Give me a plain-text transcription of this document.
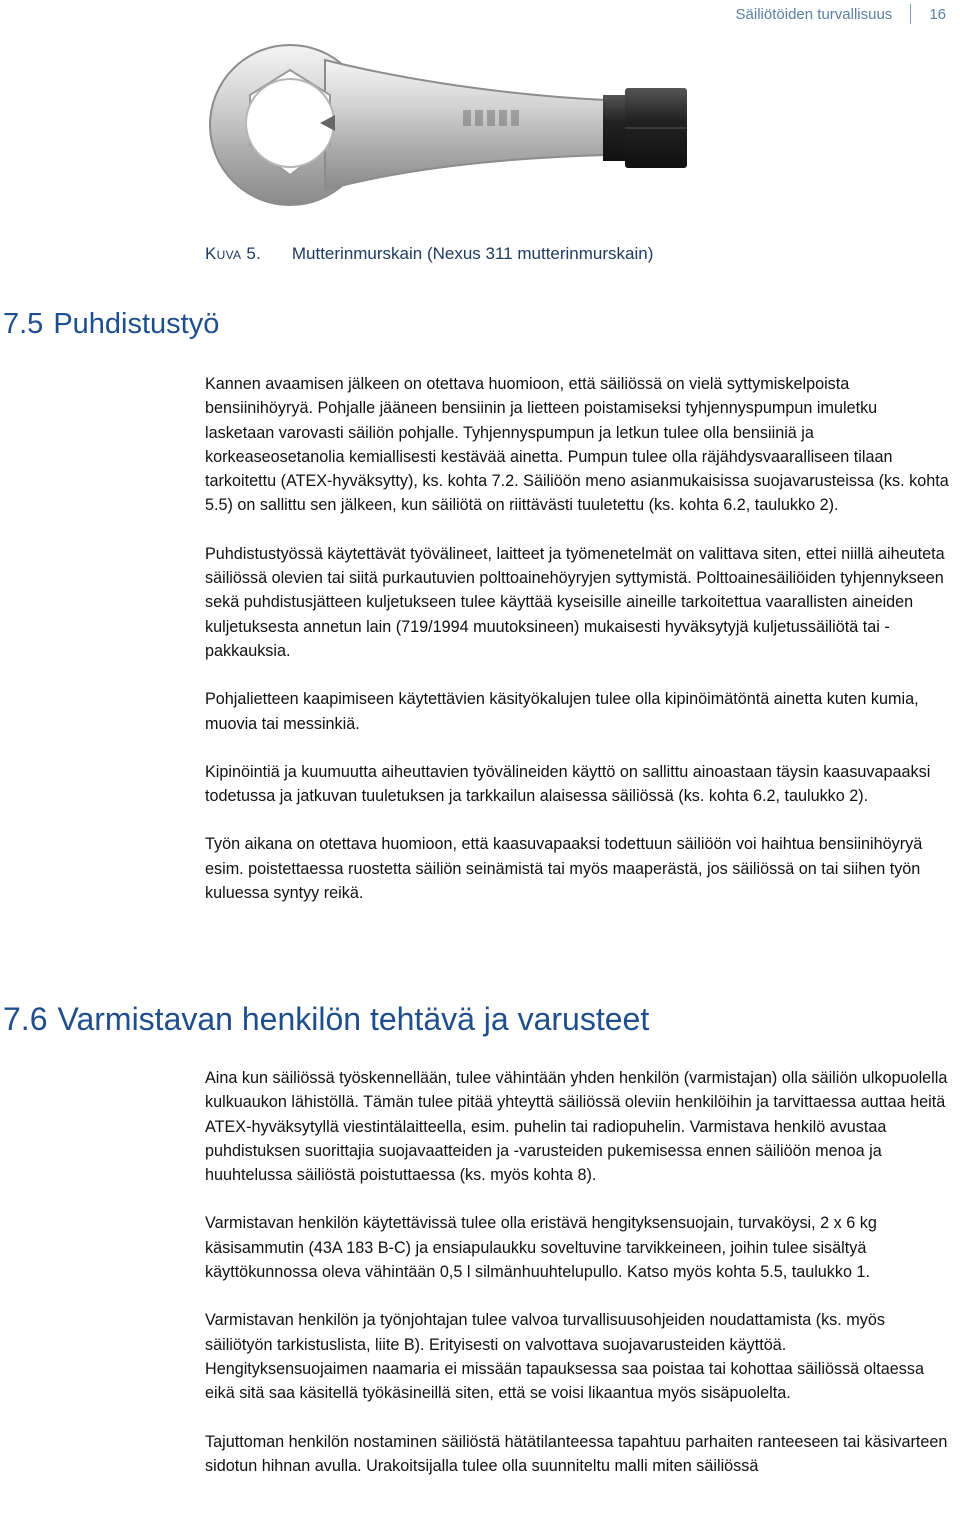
Säiliötöiden turvallisuus 16
Kuva 5. Mutterinmurskain (Nexus 311 mutterinmurskain)
7.5 Puhdistustyö

Kannen avaamisen jälkeen on otettava huomioon, että säiliössä on vielä syttymiskelpoista bensiinihöyryä. Pohjalle jääneen bensiinin ja lietteen poistamiseksi tyhjennyspumpun imuletku lasketaan varovasti säiliön pohjalle. Tyhjennyspumpun ja letkun tulee olla bensiiniä ja korkeaseosetanolia kemiallisesti kestävää ainetta. Pumpun tulee olla räjähdysvaaralliseen tilaan tarkoitettu (ATEX-hyväksytty), ks. kohta 7.2. Säiliöön meno asianmukaisissa suojavarusteissa (ks. kohta 5.5) on sallittu sen jälkeen, kun säiliötä on riittävästi tuuletettu (ks. kohta 6.2, taulukko 2).

Puhdistustyössä käytettävät työvälineet, laitteet ja työmenetelmät on valittava siten, ettei niillä aiheuteta säiliössä olevien tai siitä purkautuvien polttoainehöyryjen syttymistä. Polttoainesäiliöiden tyhjennykseen sekä puhdistusjätteen kuljetukseen tulee käyttää kyseisille aineille tarkoitettua vaarallisten aineiden kuljetuksesta annetun lain (719/1994 muutoksineen) mukaisesti hyväksytyjä kuljetussäiliötä tai -pakkauksia.

Pohjalietteen kaapimiseen käytettävien käsityökalujen tulee olla kipinöimätöntä ainetta kuten kumia, muovia tai messinkiä.

Kipinöintiä ja kuumuutta aiheuttavien työvälineiden käyttö on sallittu ainoastaan täysin kaasuvapaaksi todetussa ja jatkuvan tuuletuksen ja tarkkailun alaisessa säiliössä (ks. kohta 6.2, taulukko 2).

Työn aikana on otettava huomioon, että kaasuvapaaksi todettuun säiliöön voi haihtua bensiinihöyryä esim. poistettaessa ruostetta säiliön seinämistä tai myös maaperästä, jos säiliössä on tai siihen työn kuluessa syntyy reikä.

7.6 Varmistavan henkilön tehtävä ja varusteet

Aina kun säiliössä työskennellään, tulee vähintään yhden henkilön (varmistajan) olla säiliön ulkopuolella kulkuaukon lähistöllä. Tämän tulee pitää yhteyttä säiliössä oleviin henkilöihin ja tarvittaessa auttaa heitä ATEX-hyväksytyllä viestintälaitteella, esim. puhelin tai radiopuhelin. Varmistava henkilö avustaa puhdistuksen suorittajia suojavaatteiden ja -varusteiden pukemisessa ennen säiliöön menoa ja huuhtelussa säiliöstä poistuttaessa (ks. myös kohta 8).

Varmistavan henkilön käytettävissä tulee olla eristävä hengityksensuojain, turvaköysi, 2 x 6 kg käsisammutin (43A 183 B-C) ja ensiapulaukku soveltuvine tarvikkeineen, joihin tulee sisältyä käyttökunnossa oleva vähintään 0,5 l silmänhuuhtelupullo. Katso myös kohta 5.5, taulukko 1.

Varmistavan henkilön ja työnjohtajan tulee valvoa turvallisuusohjeiden noudattamista (ks. myös säiliötyön tarkistuslista, liite B). Erityisesti on valvottava suojavarusteiden käyttöä. Hengityksensuojaimen naamaria ei missään tapauksessa saa poistaa tai kohottaa säiliössä oltaessa eikä sitä saa käsitellä työkäsineillä siten, että se voisi likaantua myös sisäpuolelta.

Tajuttoman henkilön nostaminen säiliöstä hätätilanteessa tapahtuu parhaiten ranteeseen tai käsivarteen sidotun hihnan avulla. Urakoitsijalla tulee olla suunniteltu malli miten säiliössä
